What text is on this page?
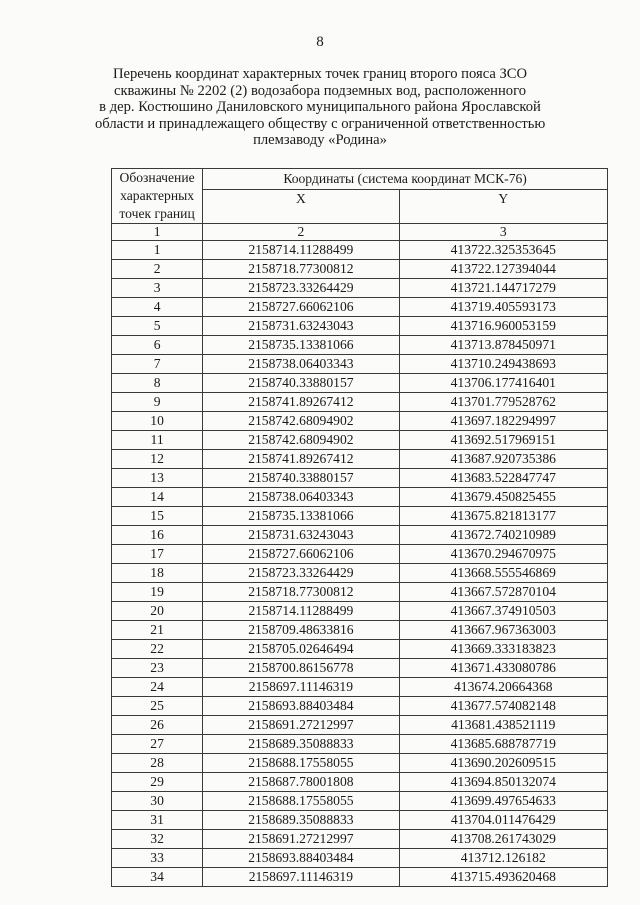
8
Перечень координат характерных точек границ второго пояса ЗСО
скважины № 2202 (2) водозабора подземных вод, расположенного
в дер. Костюшино Даниловского муниципального района Ярославской
области и принадлежащего обществу с ограниченной ответственностью
племзаводу «Родина»
Обозначение
характерных
точек границ	Координаты (система координат МСК-76)	
	X	Y
1	2	3
1	2158714.11288499	413722.325353645
2	2158718.77300812	413722.127394044
3	2158723.33264429	413721.144717279
4	2158727.66062106	413719.405593173
5	2158731.63243043	413716.960053159
6	2158735.13381066	413713.878450971
7	2158738.06403343	413710.249438693
8	2158740.33880157	413706.177416401
9	2158741.89267412	413701.779528762
10	2158742.68094902	413697.182294997
11	2158742.68094902	413692.517969151
12	2158741.89267412	413687.920735386
13	2158740.33880157	413683.522847747
14	2158738.06403343	413679.450825455
15	2158735.13381066	413675.821813177
16	2158731.63243043	413672.740210989
17	2158727.66062106	413670.294670975
18	2158723.33264429	413668.555546869
19	2158718.77300812	413667.572870104
20	2158714.11288499	413667.374910503
21	2158709.48633816	413667.967363003
22	2158705.02646494	413669.333183823
23	2158700.86156778	413671.433080786
24	2158697.11146319	413674.20664368
25	2158693.88403484	413677.574082148
26	2158691.27212997	413681.438521119
27	2158689.35088833	413685.688787719
28	2158688.17558055	413690.202609515
29	2158687.78001808	413694.850132074
30	2158688.17558055	413699.497654633
31	2158689.35088833	413704.011476429
32	2158691.27212997	413708.261743029
33	2158693.88403484	413712.126182
34	2158697.11146319	413715.493620468
